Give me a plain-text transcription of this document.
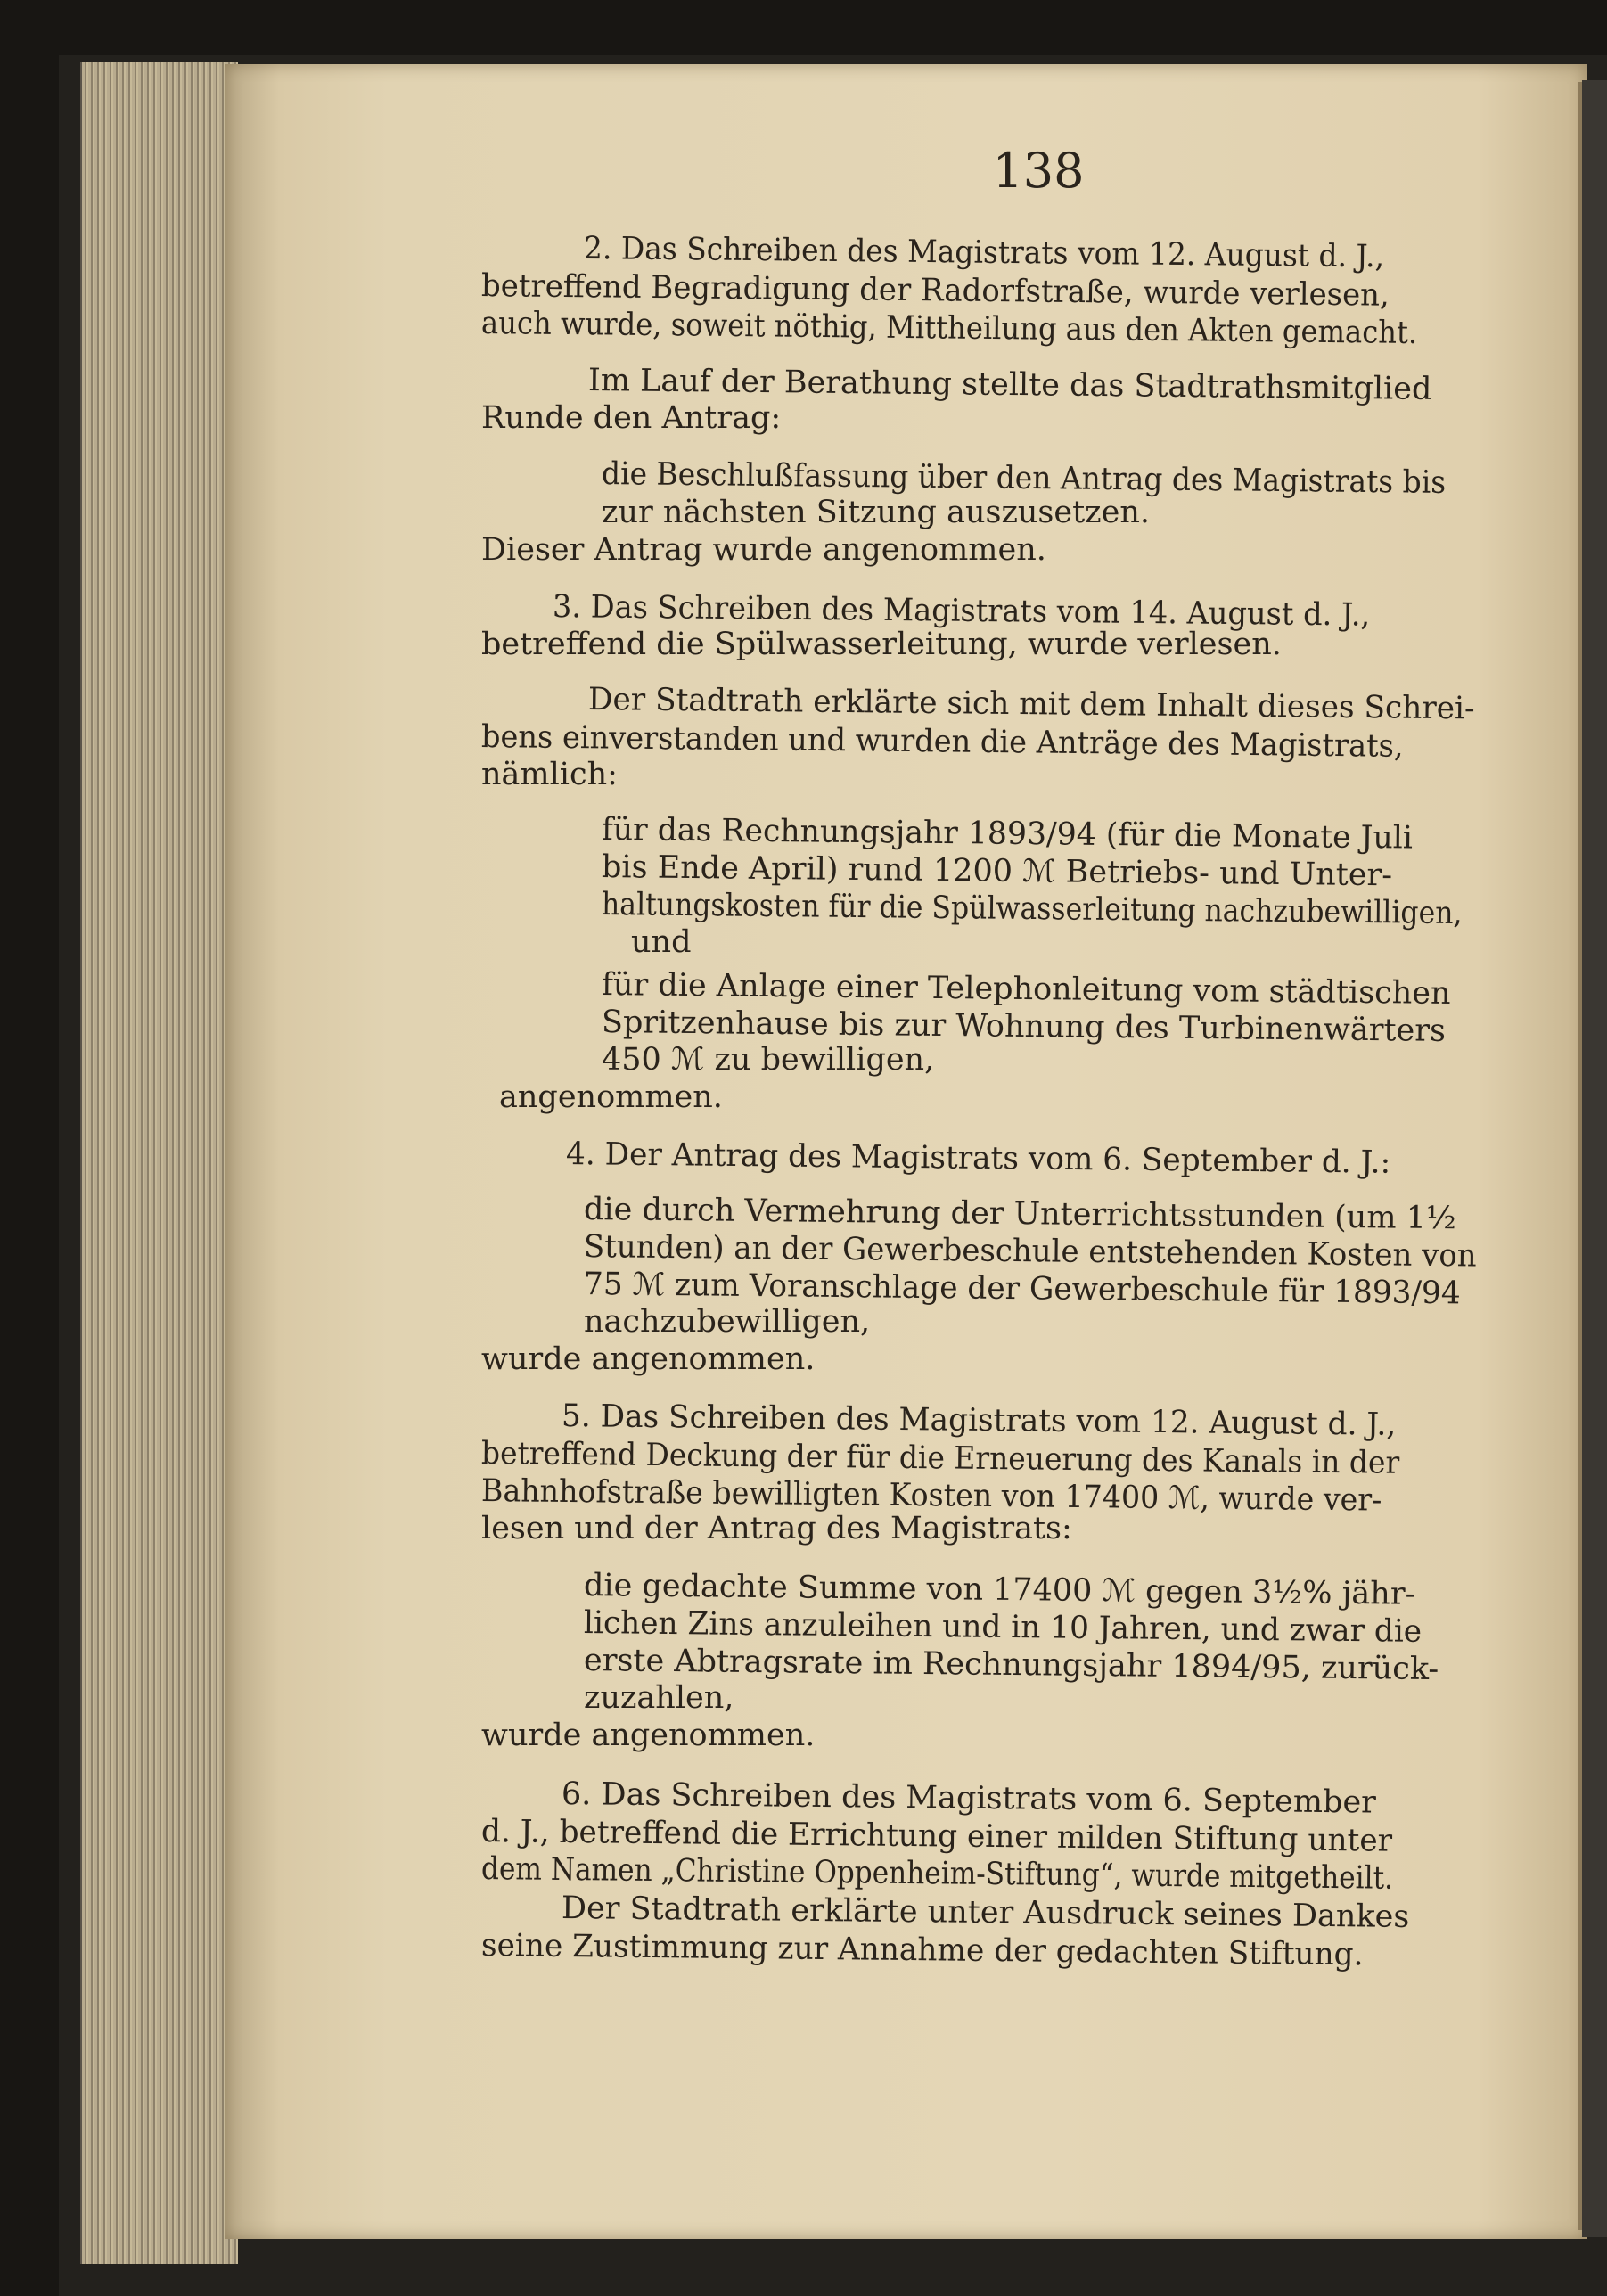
138
2. Das Schreiben des Magistrats vom 12. August d. J.,
betreffend Begradigung der Radorfstraße, wurde verlesen,
auch wurde, soweit nöthig, Mittheilung aus den Akten gemacht.
Im Lauf der Berathung stellte das Stadtrathsmitglied
Runde den Antrag:
die Beschlußfassung über den Antrag des Magistrats bis
zur nächsten Sitzung auszusetzen.
Dieser Antrag wurde angenommen.
3. Das Schreiben des Magistrats vom 14. August d. J.,
betreffend die Spülwasserleitung, wurde verlesen.
Der Stadtrath erklärte sich mit dem Inhalt dieses Schrei-
bens einverstanden und wurden die Anträge des Magistrats,
nämlich:
für das Rechnungsjahr 1893/94 (für die Monate Juli
bis Ende April) rund 1200 ℳ Betriebs- und Unter-
haltungskosten für die Spülwasserleitung nachzubewilligen,
und
für die Anlage einer Telephonleitung vom städtischen
Spritzenhause bis zur Wohnung des Turbinenwärters
450 ℳ zu bewilligen,
angenommen.
4. Der Antrag des Magistrats vom 6. September d. J.:
die durch Vermehrung der Unterrichtsstunden (um 1½
Stunden) an der Gewerbeschule entstehenden Kosten von
75 ℳ zum Voranschlage der Gewerbeschule für 1893/94
nachzubewilligen,
wurde angenommen.
5. Das Schreiben des Magistrats vom 12. August d. J.,
betreffend Deckung der für die Erneuerung des Kanals in der
Bahnhofstraße bewilligten Kosten von 17400 ℳ, wurde ver-
lesen und der Antrag des Magistrats:
die gedachte Summe von 17400 ℳ gegen 3½% jähr-
lichen Zins anzuleihen und in 10 Jahren, und zwar die
erste Abtragsrate im Rechnungsjahr 1894/95, zurück-
zuzahlen,
wurde angenommen.
6. Das Schreiben des Magistrats vom 6. September
d. J., betreffend die Errichtung einer milden Stiftung unter
dem Namen „Christine Oppenheim-Stiftung“, wurde mitgetheilt.
Der Stadtrath erklärte unter Ausdruck seines Dankes
seine Zustimmung zur Annahme der gedachten Stiftung.
